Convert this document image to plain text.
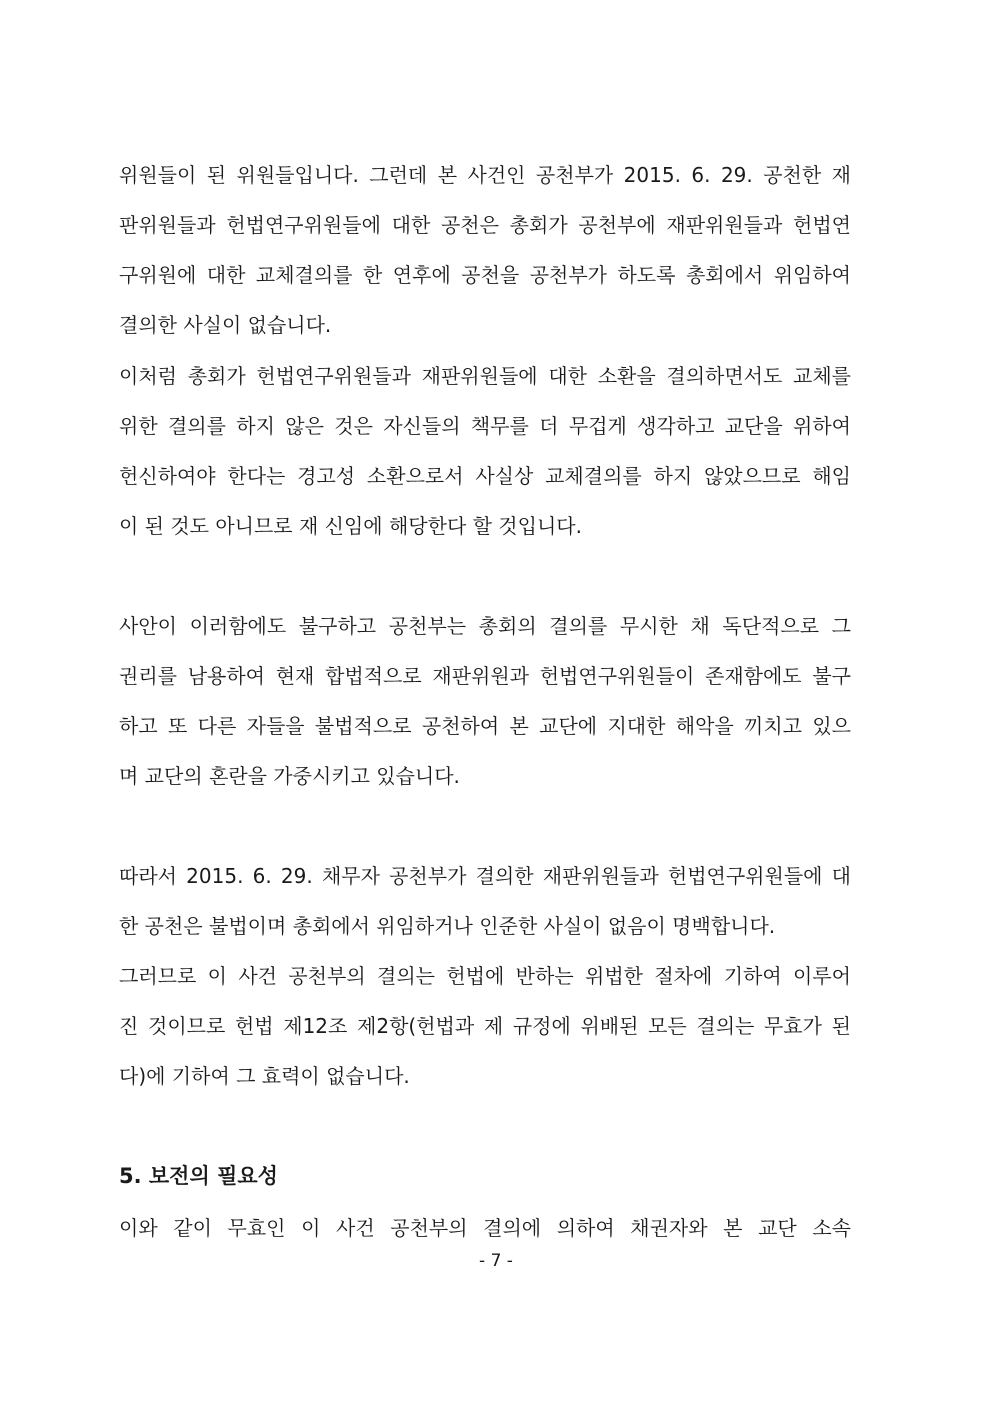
위원들이 된 위원들입니다. 그런데 본 사건인 공천부가 2015. 6. 29. 공천한 재
판위원들과 헌법연구위원들에 대한 공천은 총회가 공천부에 재판위원들과 헌법연
구위원에 대한 교체결의를 한 연후에 공천을 공천부가 하도록 총회에서 위임하여
결의한 사실이 없습니다.
이처럼 총회가 헌법연구위원들과 재판위원들에 대한 소환을 결의하면서도 교체를
위한 결의를 하지 않은 것은 자신들의 책무를 더 무겁게 생각하고 교단을 위하여
헌신하여야 한다는 경고성 소환으로서 사실상 교체결의를 하지 않았으므로 해임
이 된 것도 아니므로 재 신임에 해당한다 할 것입니다.
사안이 이러함에도 불구하고 공천부는 총회의 결의를 무시한 채 독단적으로 그
권리를 남용하여 현재 합법적으로 재판위원과 헌법연구위원들이 존재함에도 불구
하고 또 다른 자들을 불법적으로 공천하여 본 교단에 지대한 해악을 끼치고 있으
며 교단의 혼란을 가중시키고 있습니다.
따라서 2015. 6. 29. 채무자 공천부가 결의한 재판위원들과 헌법연구위원들에 대
한 공천은 불법이며 총회에서 위임하거나 인준한 사실이 없음이 명백합니다.
그러므로 이 사건 공천부의 결의는 헌법에 반하는 위법한 절차에 기하여 이루어
진 것이므로 헌법 제12조 제2항(헌법과 제 규정에 위배된 모든 결의는 무효가 된
다)에 기하여 그 효력이 없습니다.
5. 보전의 필요성
이와 같이 무효인 이 사건 공천부의 결의에 의하여 채권자와 본 교단 소속
- 7 -
